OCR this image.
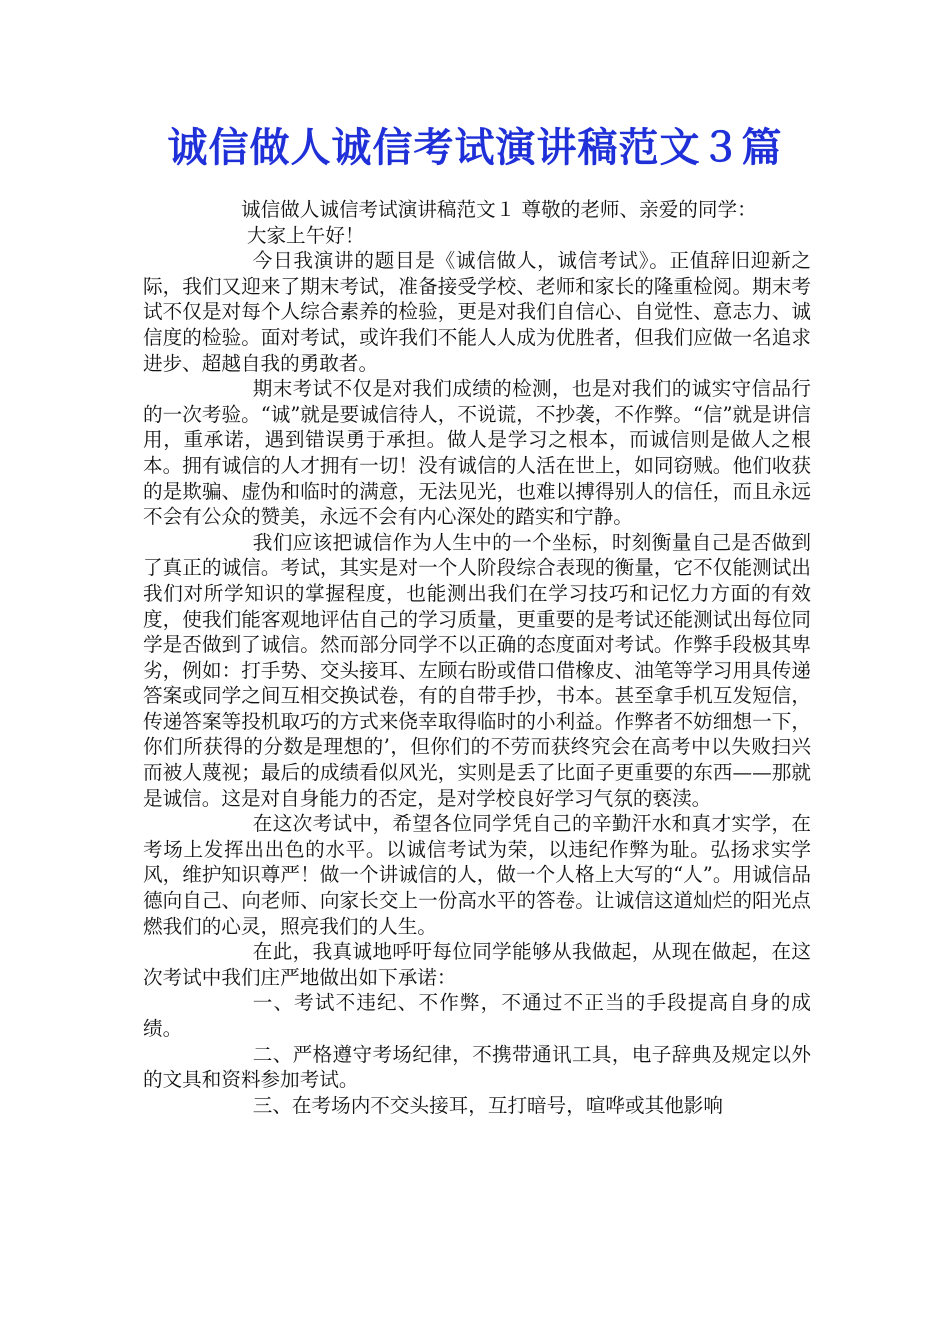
诚信做人诚信考试演讲稿范文３篇

诚信做人诚信考试演讲稿范文１ 尊敬的老师、亲爱的同学：

大家上午好！

今日我演讲的题目是《诚信做人，诚信考试》。正值辞旧迎新之际，我们又迎来了期末考试，准备接受学校、老师和家长的隆重检阅。期末考试不仅是对每个人综合素养的检验，更是对我们自信心、自觉性、意志力、诚信度的检验。面对考试，或许我们不能人人成为优胜者，但我们应做一名追求进步、超越自我的勇敢者。

期末考试不仅是对我们成绩的检测，也是对我们的诚实守信品行的一次考验。“诚”就是要诚信待人，不说谎，不抄袭，不作弊。“信”就是讲信用，重承诺，遇到错误勇于承担。做人是学习之根本，而诚信则是做人之根本。拥有诚信的人才拥有一切！没有诚信的人活在世上，如同窃贼。他们收获的是欺骗、虚伪和临时的满意，无法见光，也难以搏得别人的信任，而且永远不会有公众的赞美，永远不会有内心深处的踏实和宁静。

我们应该把诚信作为人生中的一个坐标，时刻衡量自己是否做到了真正的诚信。考试，其实是对一个人阶段综合表现的衡量，它不仅能测试出我们对所学知识的掌握程度，也能测出我们在学习技巧和记忆力方面的有效度，使我们能客观地评估自己的学习质量，更重要的是考试还能测试出每位同学是否做到了诚信。然而部分同学不以正确的态度面对考试。作弊手段极其卑劣，例如：打手势、交头接耳、左顾右盼或借口借橡皮、油笔等学习用具传递答案或同学之间互相交换试卷，有的自带手抄，书本。甚至拿手机互发短信，传递答案等投机取巧的方式来侥幸取得临时的小利益。作弊者不妨细想一下，你们所获得的分数是理想的’，但你们的不劳而获终究会在高考中以失败扫兴而被人蔑视；最后的成绩看似风光，实则是丢了比面子更重要的东西——那就是诚信。这是对自身能力的否定，是对学校良好学习气氛的亵渎。

在这次考试中，希望各位同学凭自己的辛勤汗水和真才实学，在考场上发挥出出色的水平。以诚信考试为荣，以违纪作弊为耻。弘扬求实学风，维护知识尊严！做一个讲诚信的人，做一个人格上大写的“人”。用诚信品德向自己、向老师、向家长交上一份高水平的答卷。让诚信这道灿烂的阳光点燃我们的心灵，照亮我们的人生。

在此，我真诚地呼吁每位同学能够从我做起，从现在做起，在这次考试中我们庄严地做出如下承诺：

一、考试不违纪、不作弊，不通过不正当的手段提高自身的成绩。

二、严格遵守考场纪律，不携带通讯工具，电子辞典及规定以外的文具和资料参加考试。

三、在考场内不交头接耳，互打暗号，喧哗或其他影响
